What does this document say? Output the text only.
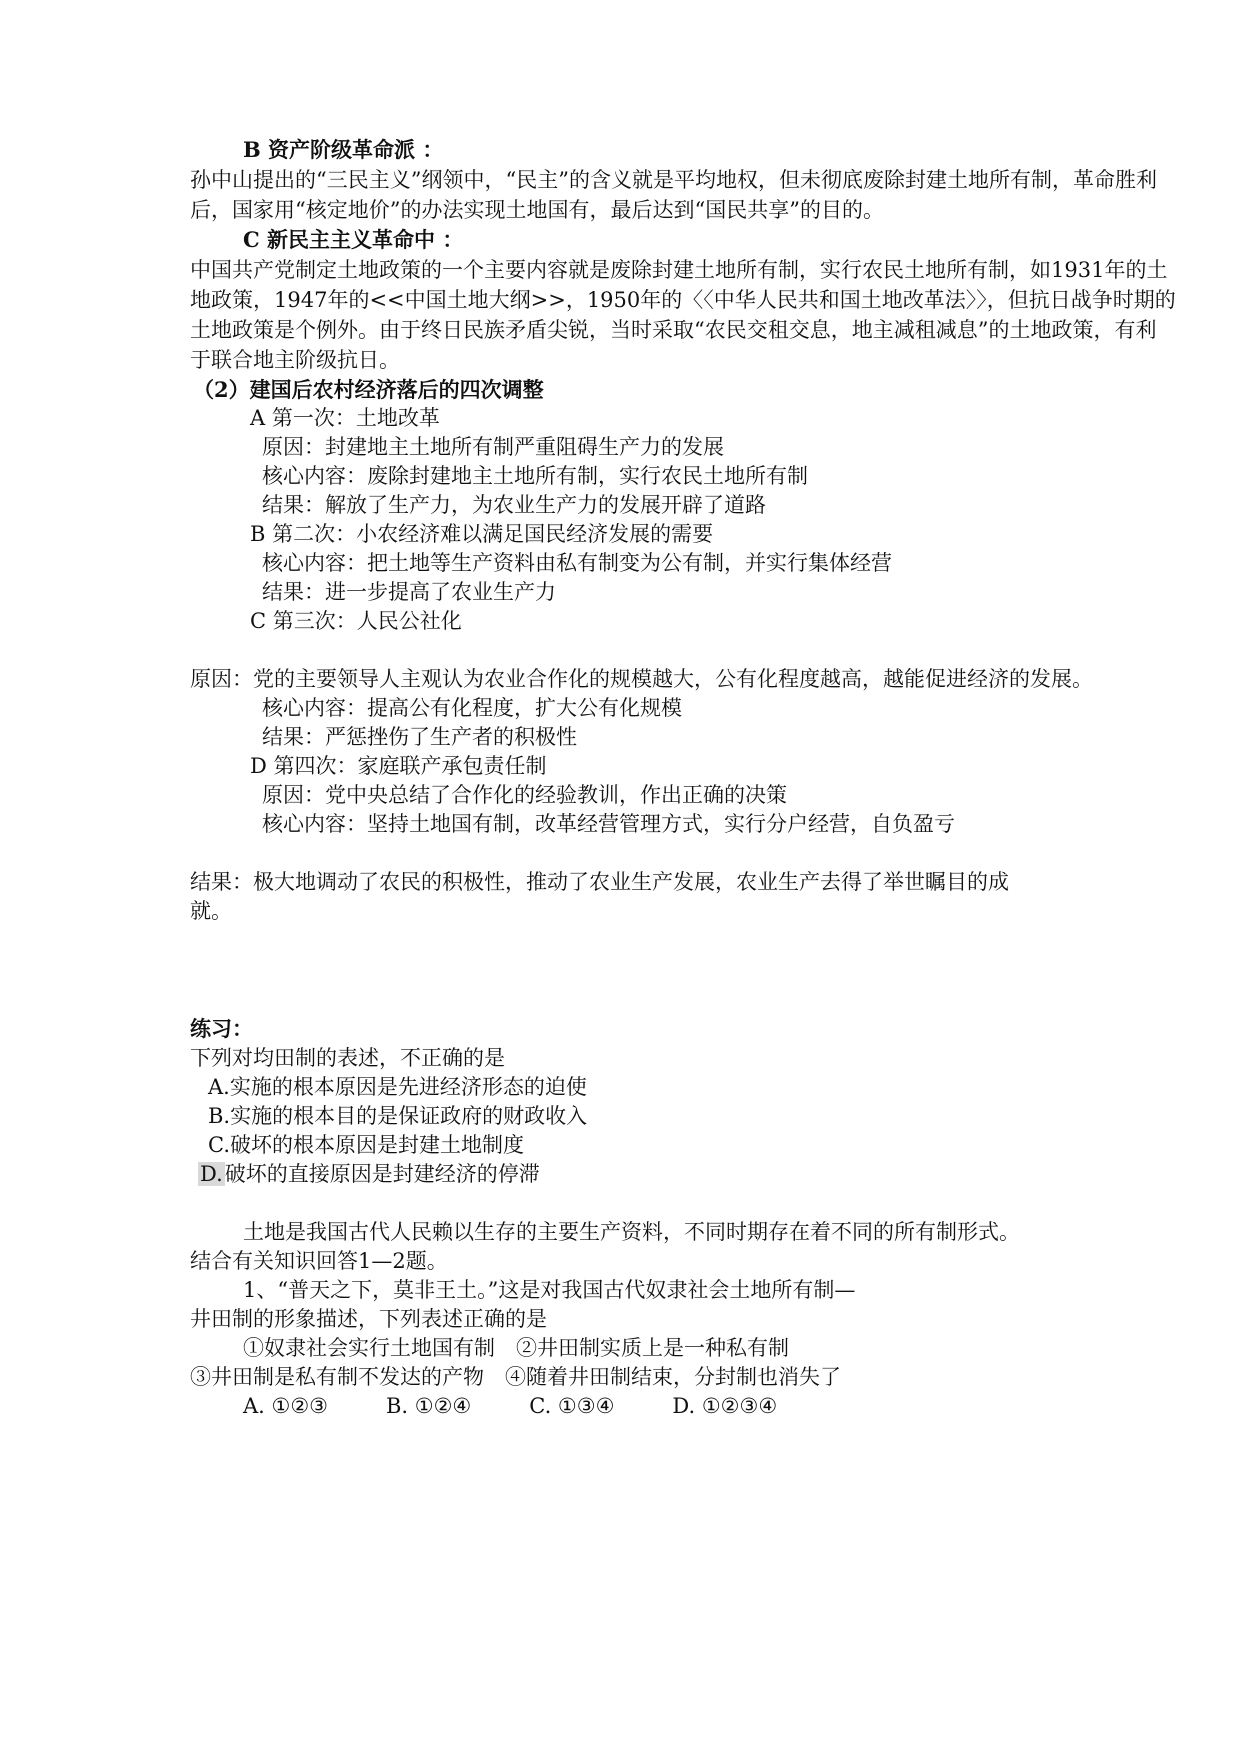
B 资产阶级革命派 ：
孙中山提出的“三民主义”纲领中，“民主”的含义就是平均地权，但未彻底废除封建土地所有制，革命胜利
后，国家用“核定地价”的办法实现土地国有，最后达到“国民共享”的目的。
C 新民主主义革命中 ：
中国共产党制定土地政策的一个主要内容就是废除封建土地所有制，实行农民土地所有制，如1931年的土
地政策，1947年的<<中国土地大纲>>，1950年的〈〈中华人民共和国土地改革法〉〉，但抗日战争时期的
土地政策是个例外。由于终日民族矛盾尖锐，当时采取“农民交租交息，地主减租减息”的土地政策，有利
于联合地主阶级抗日。
（2）建国后农村经济落后的四次调整
A 第一次：土地改革
原因：封建地主土地所有制严重阻碍生产力的发展
核心内容：废除封建地主土地所有制，实行农民土地所有制
结果：解放了生产力，为农业生产力的发展开辟了道路
B 第二次：小农经济难以满足国民经济发展的需要
核心内容：把土地等生产资料由私有制变为公有制，并实行集体经营
结果：进一步提高了农业生产力
C 第三次：人民公社化
原因：党的主要领导人主观认为农业合作化的规模越大，公有化程度越高，越能促进经济的发展。
核心内容：提高公有化程度，扩大公有化规模
结果：严惩挫伤了生产者的积极性
D 第四次：家庭联产承包责任制
原因：党中央总结了合作化的经验教训，作出正确的决策
核心内容：坚持土地国有制，改革经营管理方式，实行分户经营，自负盈亏
结果：极大地调动了农民的积极性，推动了农业生产发展，农业生产去得了举世瞩目的成
就。
练习：
下列对均田制的表述，不正确的是
A.实施的根本原因是先进经济形态的迫使
B.实施的根本目的是保证政府的财政收入
C.破坏的根本原因是封建土地制度
D.破坏的直接原因是封建经济的停滞
土地是我国古代人民赖以生存的主要生产资料，不同时期存在着不同的所有制形式。
结合有关知识回答1—2题。
1、“普天之下，莫非王土。”这是对我国古代奴隶社会土地所有制—
井田制的形象描述，下列表述正确的是
①奴隶社会实行土地国有制　②井田制实质上是一种私有制
③井田制是私有制不发达的产物　④随着井田制结束，分封制也消失了
A. ①②③	B. ①②④	C. ①③④	D. ①②③④
